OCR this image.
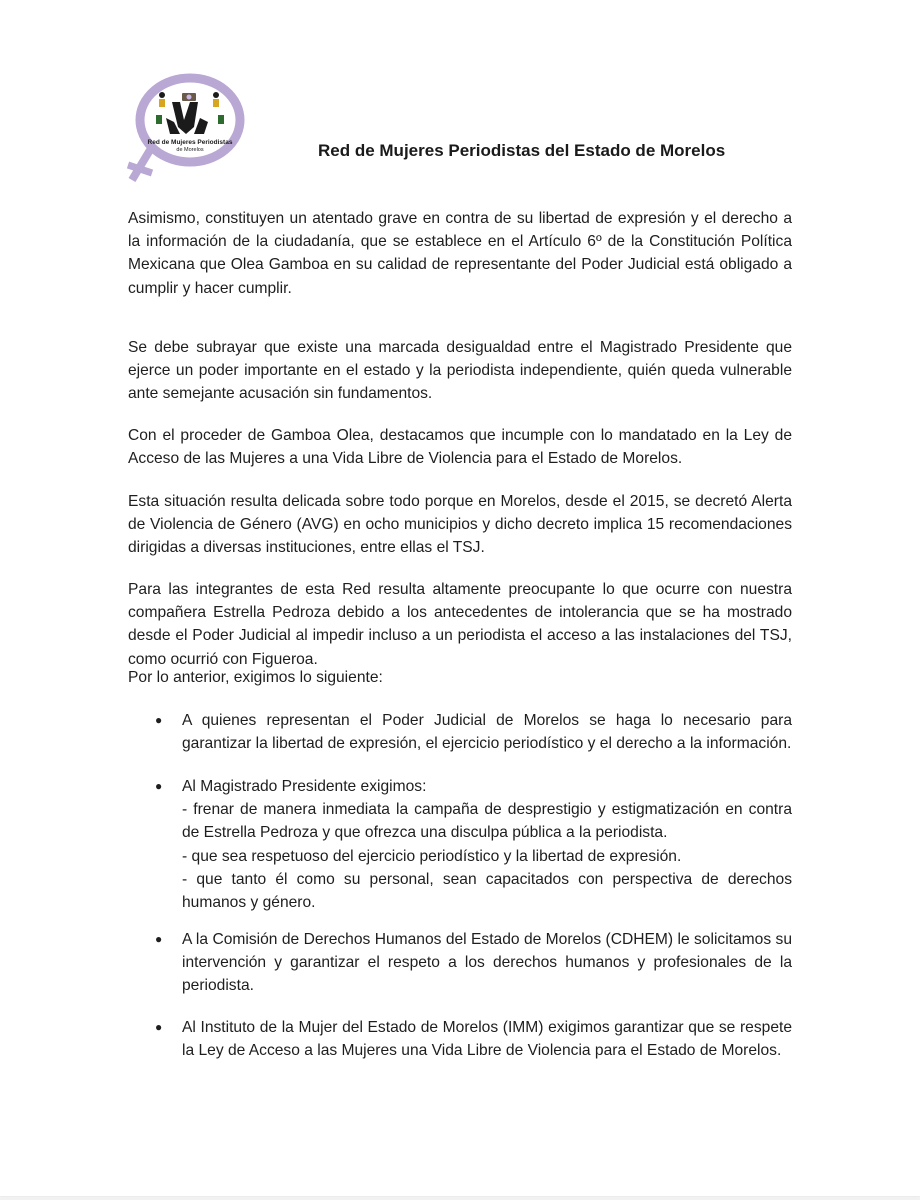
Red de Mujeres Periodistas
de Morelos	Red de Mujeres Periodistas del Estado de Morelos

Asimismo, constituyen un atentado grave en contra de su libertad de expresión y el derecho a la información de la ciudadanía, que se establece en el Artículo 6º de la Constitución Política Mexicana que Olea Gamboa en su calidad de representante del Poder Judicial está obligado a cumplir y hacer cumplir.

Se debe subrayar que existe una marcada desigualdad entre el Magistrado Presidente que ejerce un poder importante en el estado y la periodista independiente, quién queda vulnerable ante semejante acusación sin fundamentos.

Con el proceder de Gamboa Olea, destacamos que incumple con lo mandatado en la Ley de Acceso de las Mujeres a una Vida Libre de Violencia para el Estado de Morelos.

Esta situación resulta delicada sobre todo porque en Morelos, desde el 2015, se decretó Alerta de Violencia de Género (AVG) en ocho municipios y dicho decreto implica 15 recomendaciones dirigidas a diversas instituciones, entre ellas el TSJ.

Para las integrantes de esta Red resulta altamente preocupante lo que ocurre con nuestra compañera Estrella Pedroza debido a los antecedentes de intolerancia que se ha mostrado desde el Poder Judicial al impedir incluso a un periodista el acceso a las instalaciones del TSJ, como ocurrió con Figueroa.

Por lo anterior, exigimos lo siguiente:

● A quienes representan el Poder Judicial de Morelos se haga lo necesario para garantizar la libertad de expresión, el ejercicio periodístico y el derecho a la información.

● Al Magistrado Presidente exigimos:
- frenar de manera inmediata la campaña de desprestigio y estigmatización en contra de Estrella Pedroza y que ofrezca una disculpa pública a la periodista.
- que sea respetuoso del ejercicio periodístico y la libertad de expresión.
- que tanto él como su personal, sean capacitados con perspectiva de derechos humanos y género.
● A la Comisión de Derechos Humanos del Estado de Morelos (CDHEM) le solicitamos su intervención y garantizar el respeto a los derechos humanos y profesionales de la periodista.

● Al Instituto de la Mujer del Estado de Morelos (IMM) exigimos garantizar que se respete la Ley de Acceso a las Mujeres una Vida Libre de Violencia para el Estado de Morelos.
